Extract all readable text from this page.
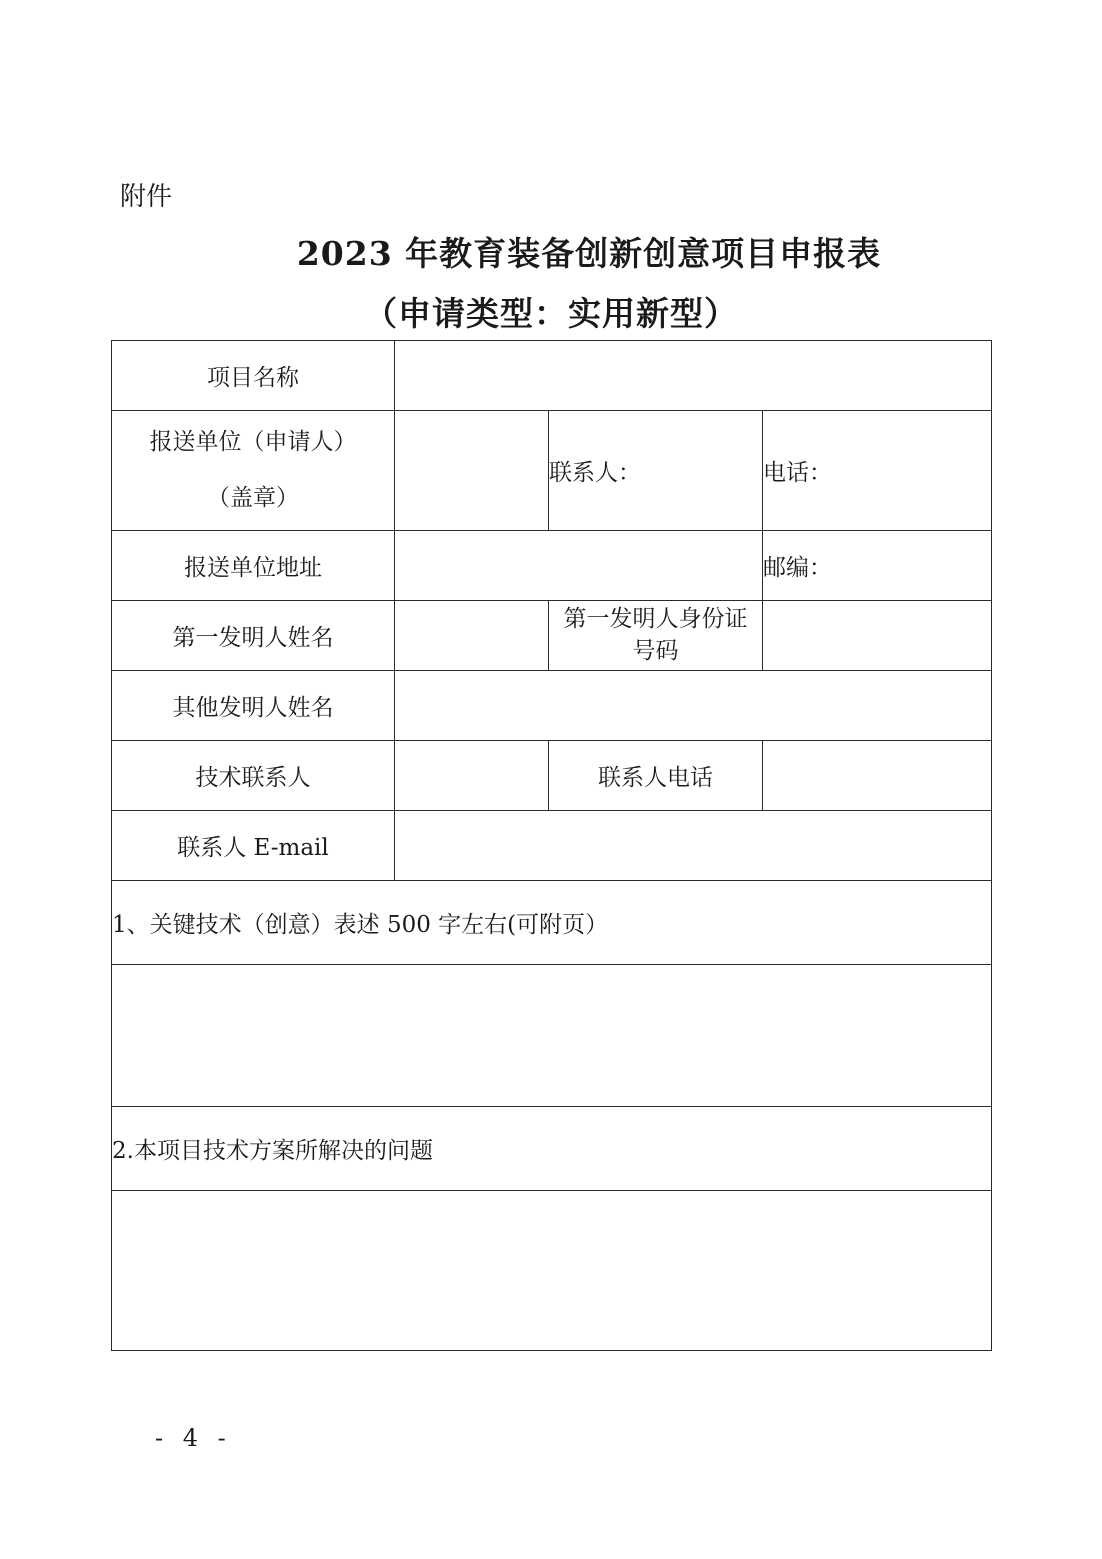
附件
2023 年教育装备创新创意项目申报表
（申请类型：实用新型）
项目名称			

报送单位（申请人）
（盖章）		联系人：	电话：
报送单位地址			邮编：
第一发明人姓名		第一发明人身份证
号码	

其他发明人姓名			
技术联系人		联系人电话	
联系人 E-mail			
1、关键技术（创意）表述 500 字左右(可附页）			

2.本项目技术方案所解决的问题			

- 4 -
